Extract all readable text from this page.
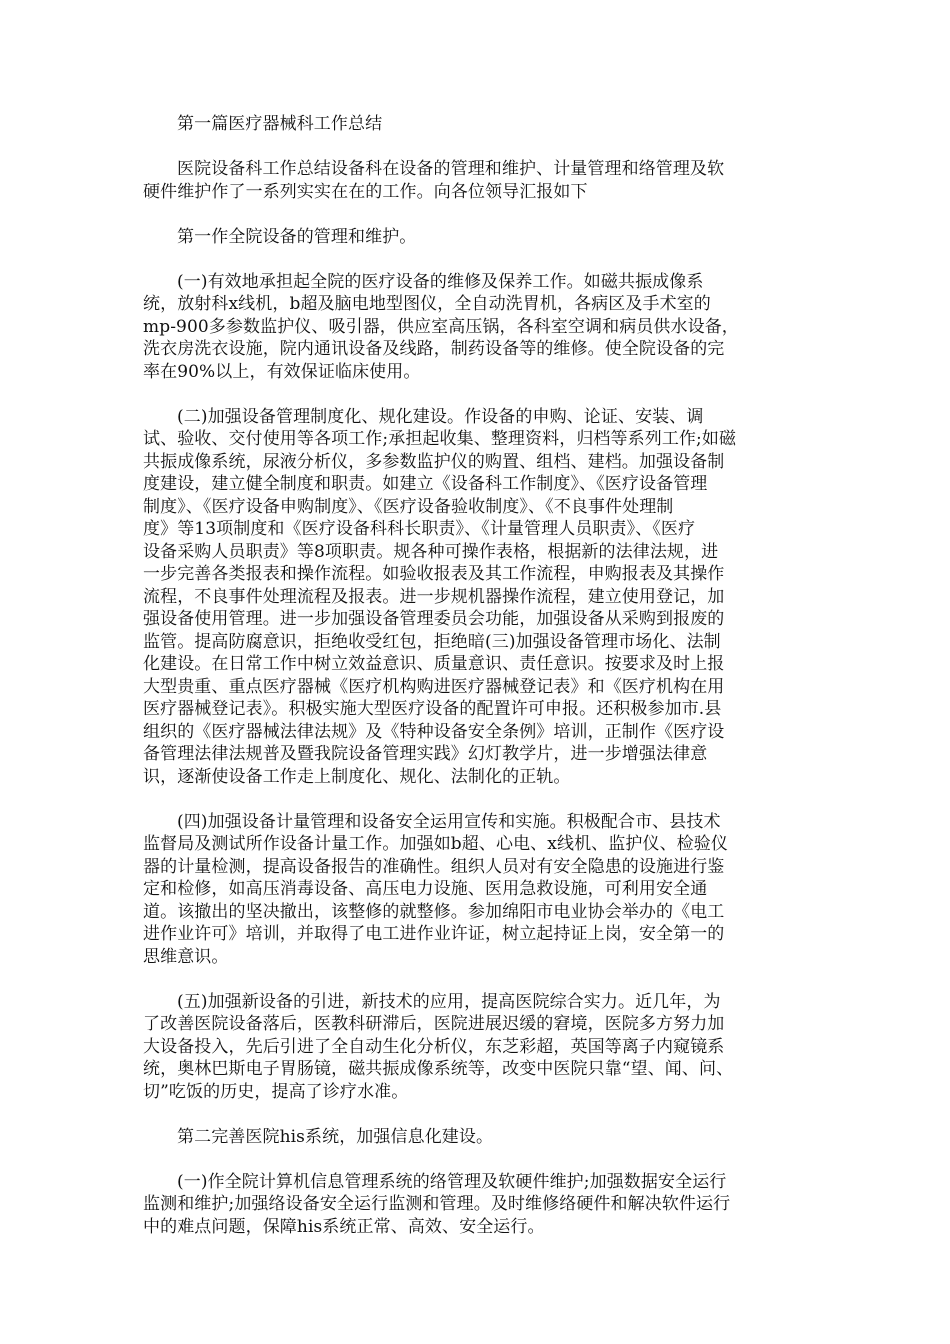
第一篇医疗器械科工作总结

医院设备科工作总结设备科在设备的管理和维护、计量管理和络管理及软
硬件维护作了一系列实实在在的工作。向各位领导汇报如下

第一作全院设备的管理和维护。

(一)有效地承担起全院的医疗设备的维修及保养工作。如磁共振成像系
统，放射科x线机，b超及脑电地型图仪，全自动洗胃机，各病区及手术室的
mp-900多参数监护仪、吸引器，供应室高压锅，各科室空调和病员供水设备，
洗衣房洗衣设施，院内通讯设备及线路，制药设备等的维修。使全院设备的完
率在90%以上，有效保证临床使用。

(二)加强设备管理制度化、规化建设。作设备的申购、论证、安装、调
试、验收、交付使用等各项工作;承担起收集、整理资料，归档等系列工作;如磁
共振成像系统，尿液分析仪，多参数监护仪的购置、组档、建档。加强设备制
度建设，建立健全制度和职责。如建立《设备科工作制度》、《医疗设备管理
制度》、《医疗设备申购制度》、《医疗设备验收制度》、《不良事件处理制
度》等13项制度和《医疗设备科科长职责》、《计量管理人员职责》、《医疗
设备采购人员职责》等8项职责。规各种可操作表格，根据新的法律法规，进
一步完善各类报表和操作流程。如验收报表及其工作流程，申购报表及其操作
流程，不良事件处理流程及报表。进一步规机器操作流程，建立使用登记，加
强设备使用管理。进一步加强设备管理委员会功能，加强设备从采购到报废的
监管。提高防腐意识，拒绝收受红包，拒绝暗(三)加强设备管理市场化、法制
化建设。在日常工作中树立效益意识、质量意识、责任意识。按要求及时上报
大型贵重、重点医疗器械《医疗机构购进医疗器械登记表》和《医疗机构在用
医疗器械登记表》。积极实施大型医疗设备的配置许可申报。还积极参加市.县
组织的《医疗器械法律法规》及《特种设备安全条例》培训，正制作《医疗设
备管理法律法规普及暨我院设备管理实践》幻灯教学片，进一步增强法律意
识，逐渐使设备工作走上制度化、规化、法制化的正轨。

(四)加强设备计量管理和设备安全运用宣传和实施。积极配合市、县技术
监督局及测试所作设备计量工作。加强如b超、心电、x线机、监护仪、检验仪
器的计量检测，提高设备报告的准确性。组织人员对有安全隐患的设施进行鉴
定和检修，如高压消毒设备、高压电力设施、医用急救设施，可利用安全通
道。该撤出的坚决撤出，该整修的就整修。参加绵阳市电业协会举办的《电工
进作业许可》培训，并取得了电工进作业许证，树立起持证上岗，安全第一的
思维意识。

(五)加强新设备的引进，新技术的应用，提高医院综合实力。近几年，为
了改善医院设备落后，医教科研滞后，医院进展迟缓的窘境，医院多方努力加
大设备投入，先后引进了全自动生化分析仪，东芝彩超，英国等离子内窥镜系
统，奥林巴斯电子胃肠镜，磁共振成像系统等，改变中医院只靠“望、闻、问、
切”吃饭的历史，提高了诊疗水准。

第二完善医院his系统，加强信息化建设。

(一)作全院计算机信息管理系统的络管理及软硬件维护;加强数据安全运行
监测和维护;加强络设备安全运行监测和管理。及时维修络硬件和解决软件运行
中的难点问题，保障his系统正常、高效、安全运行。
